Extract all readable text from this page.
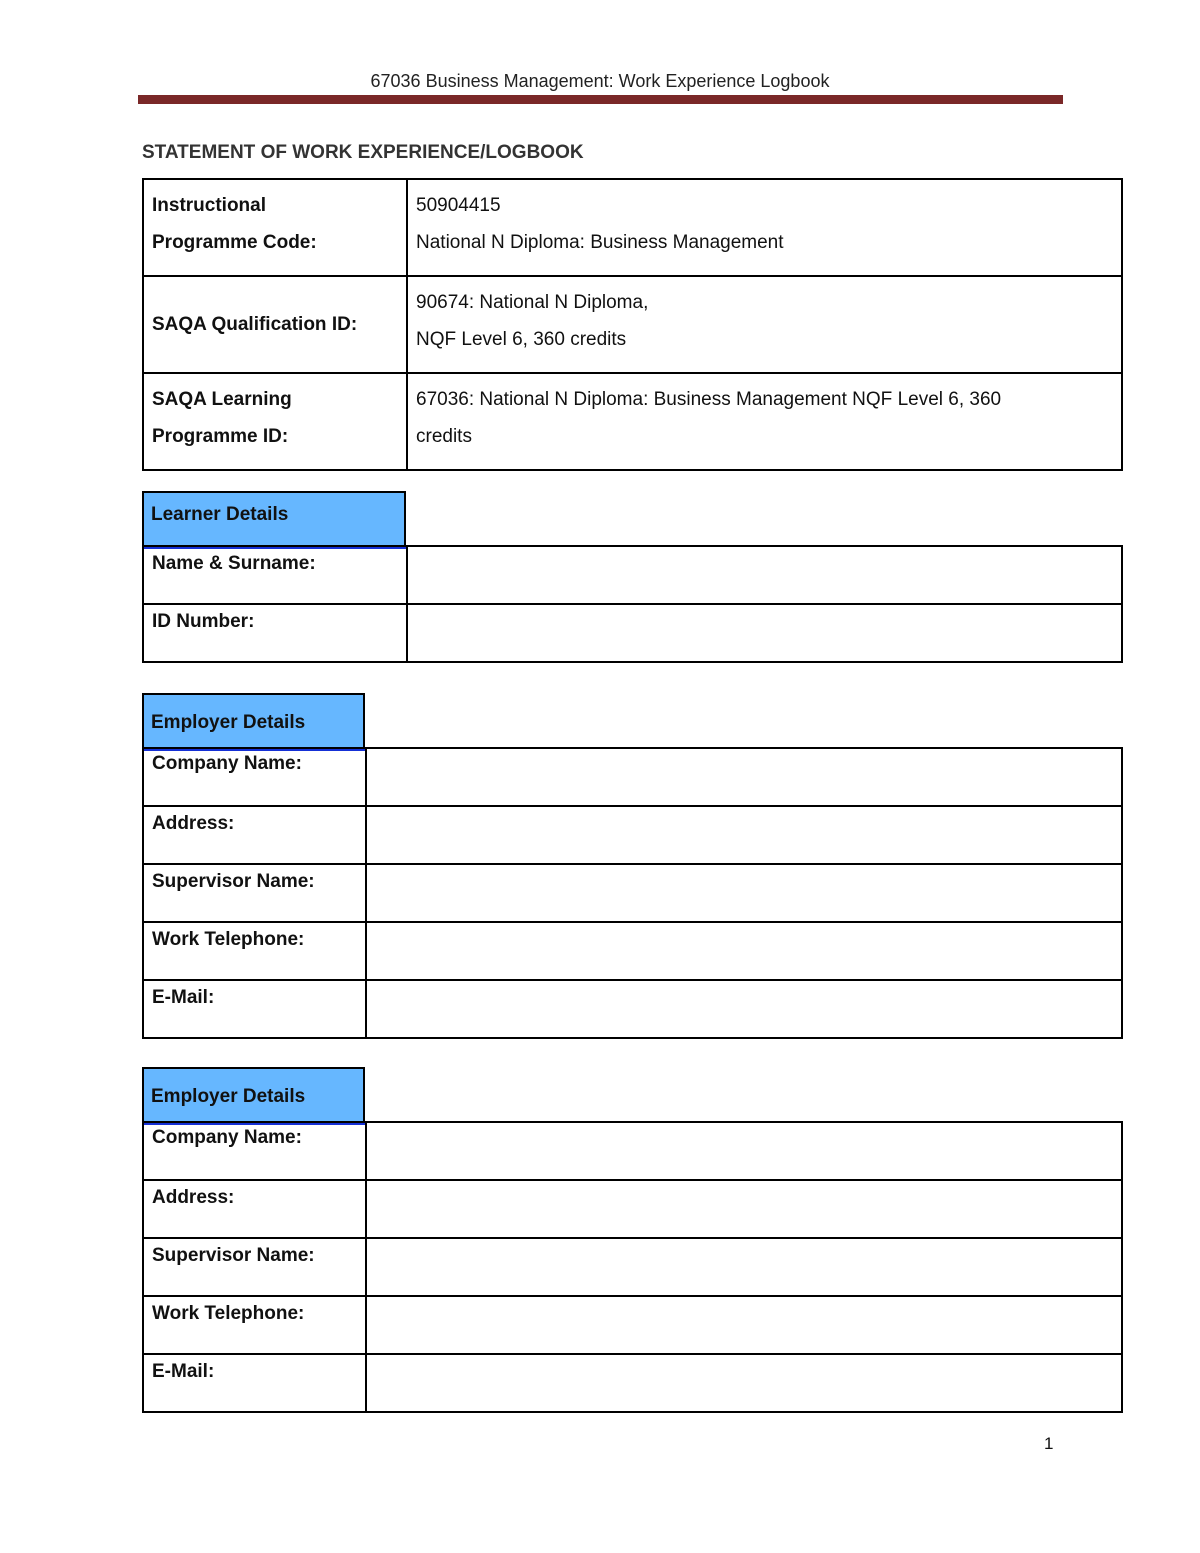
67036 Business Management: Work Experience Logbook
STATEMENT OF WORK EXPERIENCE/LOGBOOK
Instructional
Programme Code:	50904415
National N Diploma: Business Management

SAQA Qualification ID:	90674: National N Diploma,
NQF Level 6, 360 credits

SAQA Learning
Programme ID:	67036: National N Diploma: Business Management NQF Level 6, 360
credits
Learner Details
Name & Surname:	
ID Number:	
Employer Details
Company Name:	
Address:	
Supervisor Name:	
Work Telephone:	
E-Mail:	
Employer Details
Company Name:	
Address:	
Supervisor Name:	
Work Telephone:	
E-Mail:	
1
